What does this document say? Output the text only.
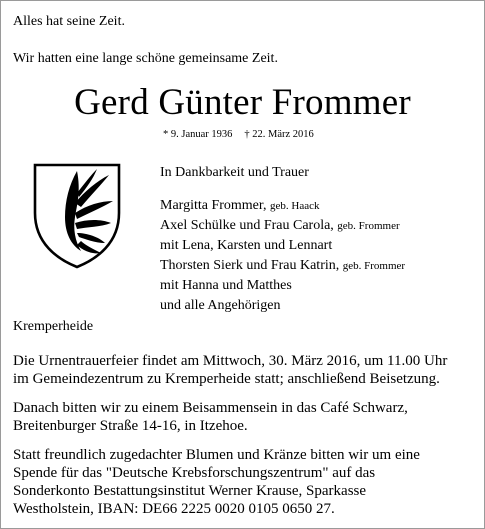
Alles hat seine Zeit.
Wir hatten eine lange schöne gemeinsame Zeit.
Gerd Günter Frommer
* 9. Januar 1936 † 22. März 2016
In Dankbarkeit und Trauer
Margitta Frommer, geb. Haack
Axel Schülke und Frau Carola, geb. Frommer
mit Lena, Karsten und Lennart
Thorsten Sierk und Frau Katrin, geb. Frommer
mit Hanna und Matthes
und alle Angehörigen
Kremperheide
Die Urnentrauerfeier findet am Mittwoch, 30. März 2016, um 11.00 Uhr
im Gemeindezentrum zu Kremperheide statt; anschließend Beisetzung.
Danach bitten wir zu einem Beisammensein in das Café Schwarz,
Breitenburger Straße 14-16, in Itzehoe.
Statt freundlich zugedachter Blumen und Kränze bitten wir um eine
Spende für das "Deutsche Krebsforschungszentrum" auf das
Sonderkonto Bestattungsinstitut Werner Krause, Sparkasse
Westholstein, IBAN: DE66 2225 0020 0105 0650 27.
